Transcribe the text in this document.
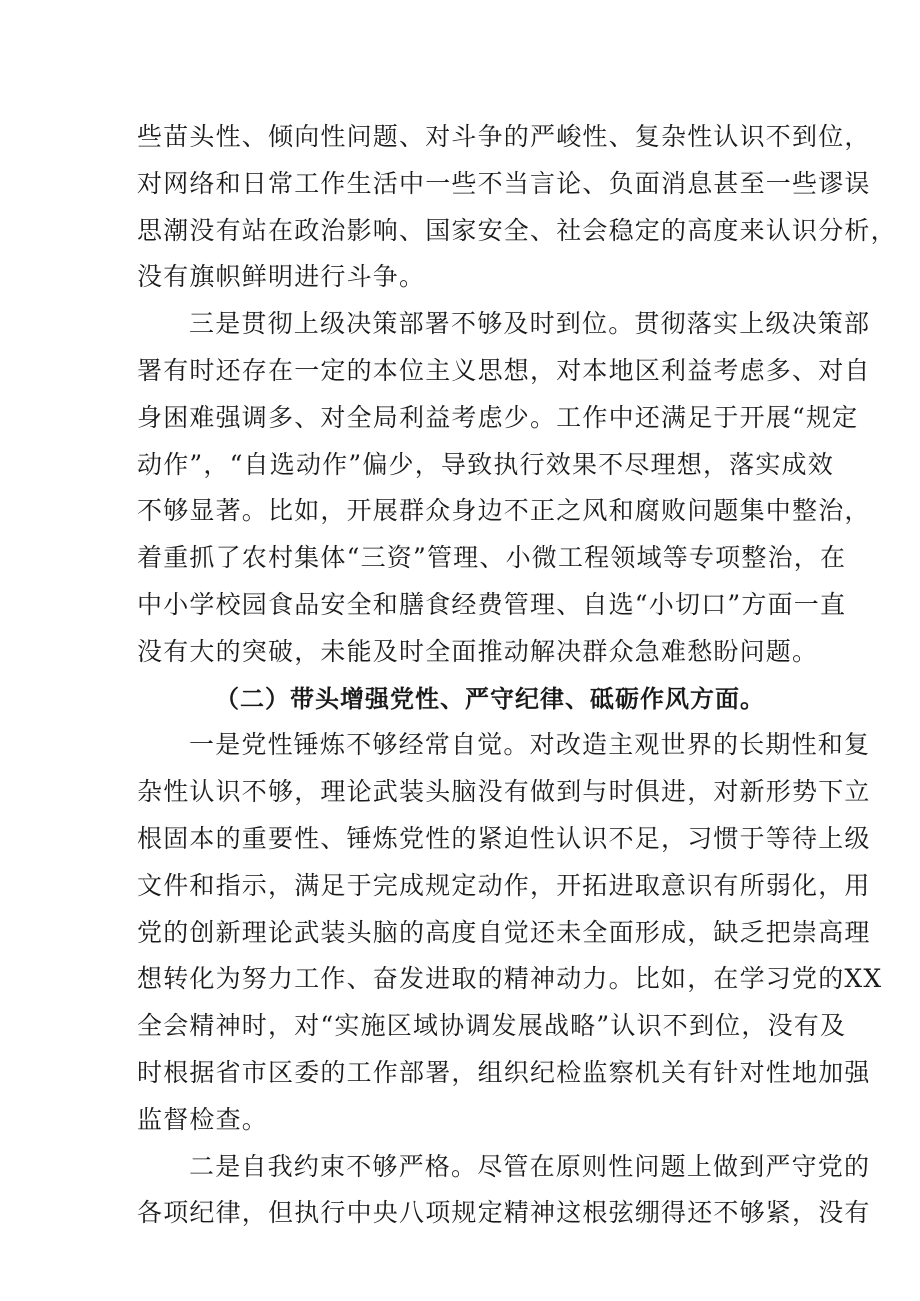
些苗头性、倾向性问题、对斗争的严峻性、复杂性认识不到位，
对网络和日常工作生活中一些不当言论、负面消息甚至一些谬误
思潮没有站在政治影响、国家安全、社会稳定的高度来认识分析，
没有旗帜鲜明进行斗争。
三是贯彻上级决策部署不够及时到位。贯彻落实上级决策部
署有时还存在一定的本位主义思想，对本地区利益考虑多、对自
身困难强调多、对全局利益考虑少。工作中还满足于开展“规定
动作”，“自选动作”偏少，导致执行效果不尽理想，落实成效
不够显著。比如，开展群众身边不正之风和腐败问题集中整治，
着重抓了农村集体“三资”管理、小微工程领域等专项整治，在
中小学校园食品安全和膳食经费管理、自选“小切口”方面一直
没有大的突破，未能及时全面推动解决群众急难愁盼问题。
（二）带头增强党性、严守纪律、砥砺作风方面。
一是党性锤炼不够经常自觉。对改造主观世界的长期性和复
杂性认识不够，理论武装头脑没有做到与时俱进，对新形势下立
根固本的重要性、锤炼党性的紧迫性认识不足，习惯于等待上级
文件和指示，满足于完成规定动作，开拓进取意识有所弱化，用
党的创新理论武装头脑的高度自觉还未全面形成，缺乏把崇高理
想转化为努力工作、奋发进取的精神动力。比如，在学习党的XX
全会精神时，对“实施区域协调发展战略”认识不到位，没有及
时根据省市区委的工作部署，组织纪检监察机关有针对性地加强
监督检查。
二是自我约束不够严格。尽管在原则性问题上做到严守党的
各项纪律，但执行中央八项规定精神这根弦绷得还不够紧，没有
